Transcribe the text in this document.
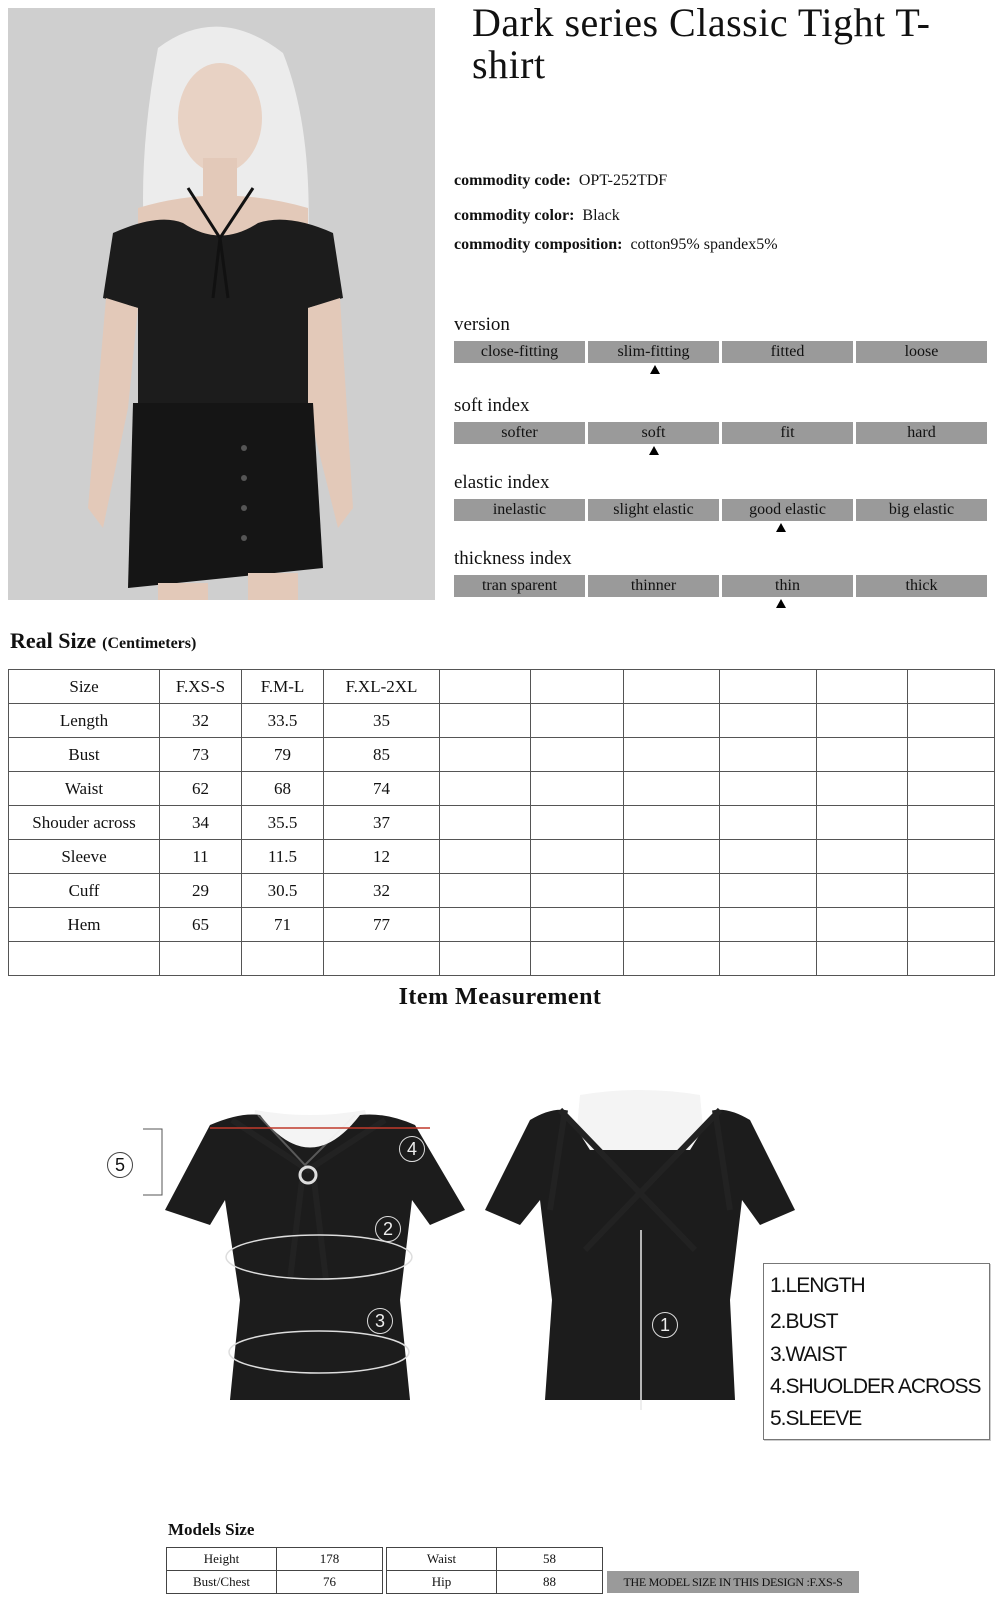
Dark series Classic Tight T-shirt
commodity code: OPT-252TDF
commodity color: Black
commodity composition: cotton95% spandex5%
version
close-fitting	slim-fitting	fitted	loose
soft index
softer	soft	fit	hard
elastic index
inelastic	slight elastic	good elastic	big elastic
thickness index
tran sparent	thinner	thin	thick
Real Size (Centimeters)
Size	F.XS-S	F.M-L	F.XL-2XL						
Length	32	33.5	35						
Bust	73	79	85						
Waist	62	68	74						
Shouder across	34	35.5	37						
Sleeve	11	11.5	12						
Cuff	29	30.5	32						
Hem	65	71	77						

Item Measurement
5
4
2
3	1
1.LENGTH
2.BUST
3.WAIST
4.SHUOLDER ACROSS
5.SLEEVE
Models Size
Height	178
Bust/Chest	76
Waist	58
Hip	88	THE MODEL SIZE IN THIS DESIGN :F.XS-S
